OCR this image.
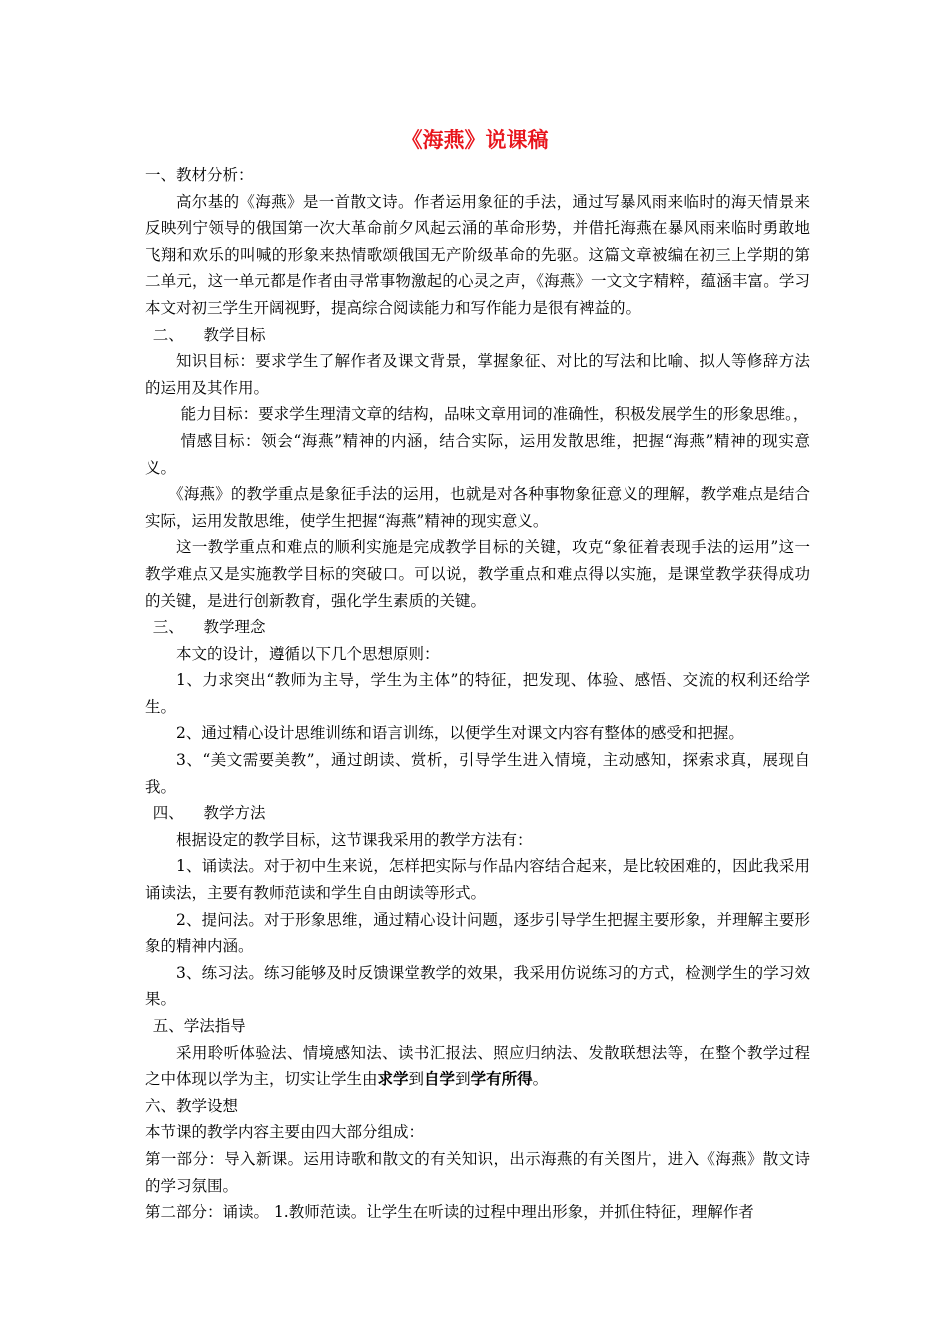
《海燕》说课稿

一、教材分析：

高尔基的《海燕》是一首散文诗。作者运用象征的手法，通过写暴风雨来临时的海天情景来反映列宁领导的俄国第一次大革命前夕风起云涌的革命形势，并借托海燕在暴风雨来临时勇敢地飞翔和欢乐的叫喊的形象来热情歌颂俄国无产阶级革命的先驱。这篇文章被编在初三上学期的第二单元，这一单元都是作者由寻常事物激起的心灵之声，《海燕》一文文字精粹，蕴涵丰富。学习本文对初三学生开阔视野，提高综合阅读能力和写作能力是很有裨益的。

二、    教学目标

知识目标：要求学生了解作者及课文背景，掌握象征、对比的写法和比喻、拟人等修辞方法的运用及其作用。

能力目标：要求学生理清文章的结构，品味文章用词的准确性，积极发展学生的形象思维。，

情感目标：领会“海燕”精神的内涵，结合实际，运用发散思维，把握“海燕”精神的现实意义。

《海燕》的教学重点是象征手法的运用，也就是对各种事物象征意义的理解，教学难点是结合实际，运用发散思维，使学生把握“海燕”精神的现实意义。

这一教学重点和难点的顺利实施是完成教学目标的关键，攻克“象征着表现手法的运用”这一教学难点又是实施教学目标的突破口。可以说，教学重点和难点得以实施，是课堂教学获得成功的关键，是进行创新教育，强化学生素质的关键。

三、    教学理念

本文的设计，遵循以下几个思想原则：

1、力求突出“教师为主导，学生为主体”的特征，把发现、体验、感悟、交流的权利还给学生。

2、通过精心设计思维训练和语言训练，以便学生对课文内容有整体的感受和把握。

3、“美文需要美教”，通过朗读、赏析，引导学生进入情境，主动感知，探索求真，展现自我。

四、    教学方法

根据设定的教学目标，这节课我采用的教学方法有：

1、诵读法。对于初中生来说，怎样把实际与作品内容结合起来，是比较困难的，因此我采用诵读法，主要有教师范读和学生自由朗读等形式。

2、提问法。对于形象思维，通过精心设计问题，逐步引导学生把握主要形象，并理解主要形象的精神内涵。

3、练习法。练习能够及时反馈课堂教学的效果，我采用仿说练习的方式，检测学生的学习效果。

五、学法指导

采用聆听体验法、情境感知法、读书汇报法、照应归纳法、发散联想法等，在整个教学过程之中体现以学为主，切实让学生由求学到自学到学有所得。

六、教学设想

本节课的教学内容主要由四大部分组成：

第一部分：导入新课。运用诗歌和散文的有关知识，出示海燕的有关图片，进入《海燕》散文诗的学习氛围。

第二部分：诵读。 1.教师范读。让学生在听读的过程中理出形象，并抓住特征，理解作者
